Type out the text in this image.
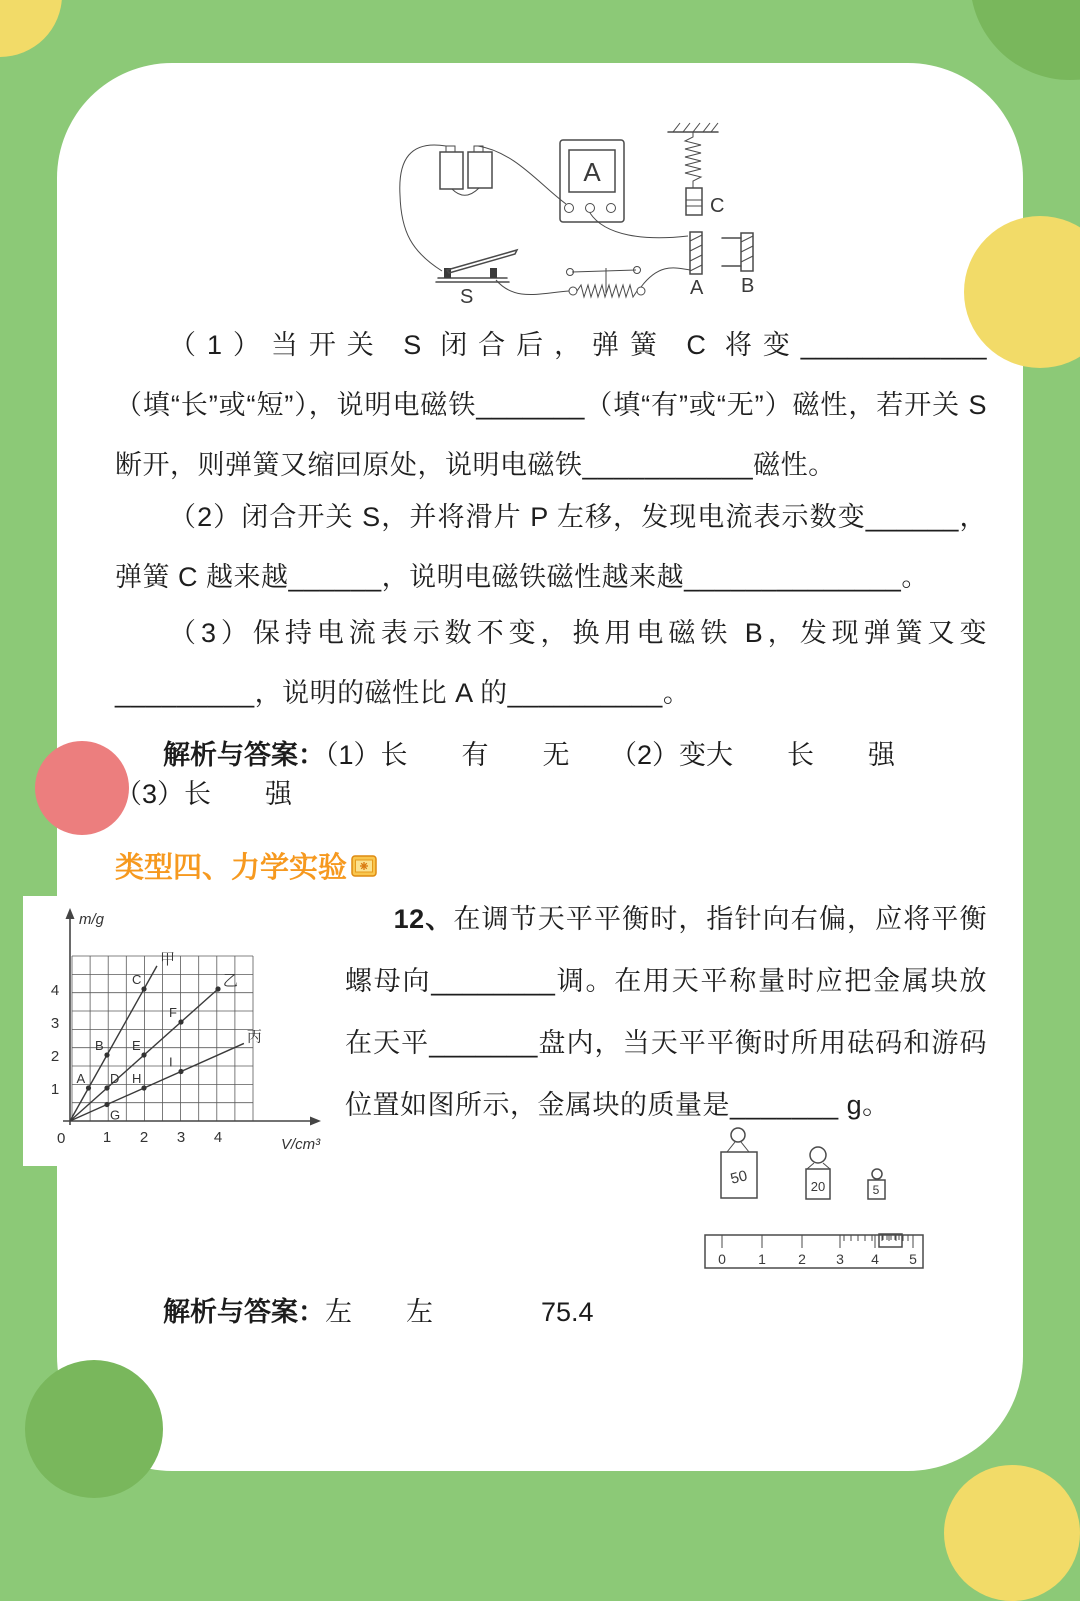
C
A B
A
S
（1）当开关 S 闭合后，弹簧 C 将变____________（填“长”或“短”），说明电磁铁_______（填“有”或“无”）磁性，若开关 S 断开，则弹簧又缩回原处，说明电磁铁___________磁性。
（2）闭合开关 S，并将滑片 P 左移，发现电流表示数变______，弹簧 C 越来越______，说明电磁铁磁性越来越______________。
（3）保持电流表示数不变，换用电磁铁 B，发现弹簧又变_________，说明的磁性比 A 的__________。
解析与答案：（1）长　　有　　无　　（2）变大　　长　　强　　（3）长　　强
类型四、力学实验
1 2 3 4
1
2
3
4
A
B
C
甲
D
E
F
乙
G
H
I
丙
m/g
V/cm³
0
12、在调节天平平衡时，指针向右偏，应将平衡螺母向________调。在用天平称量时应把金属块放在天平_______盘内，当天平平衡时所用砝码和游码位置如图所示，金属块的质量是_______ g。
50	20	5
0 1 2 3 4 5
解析与答案：左　　左　　　　75.4
